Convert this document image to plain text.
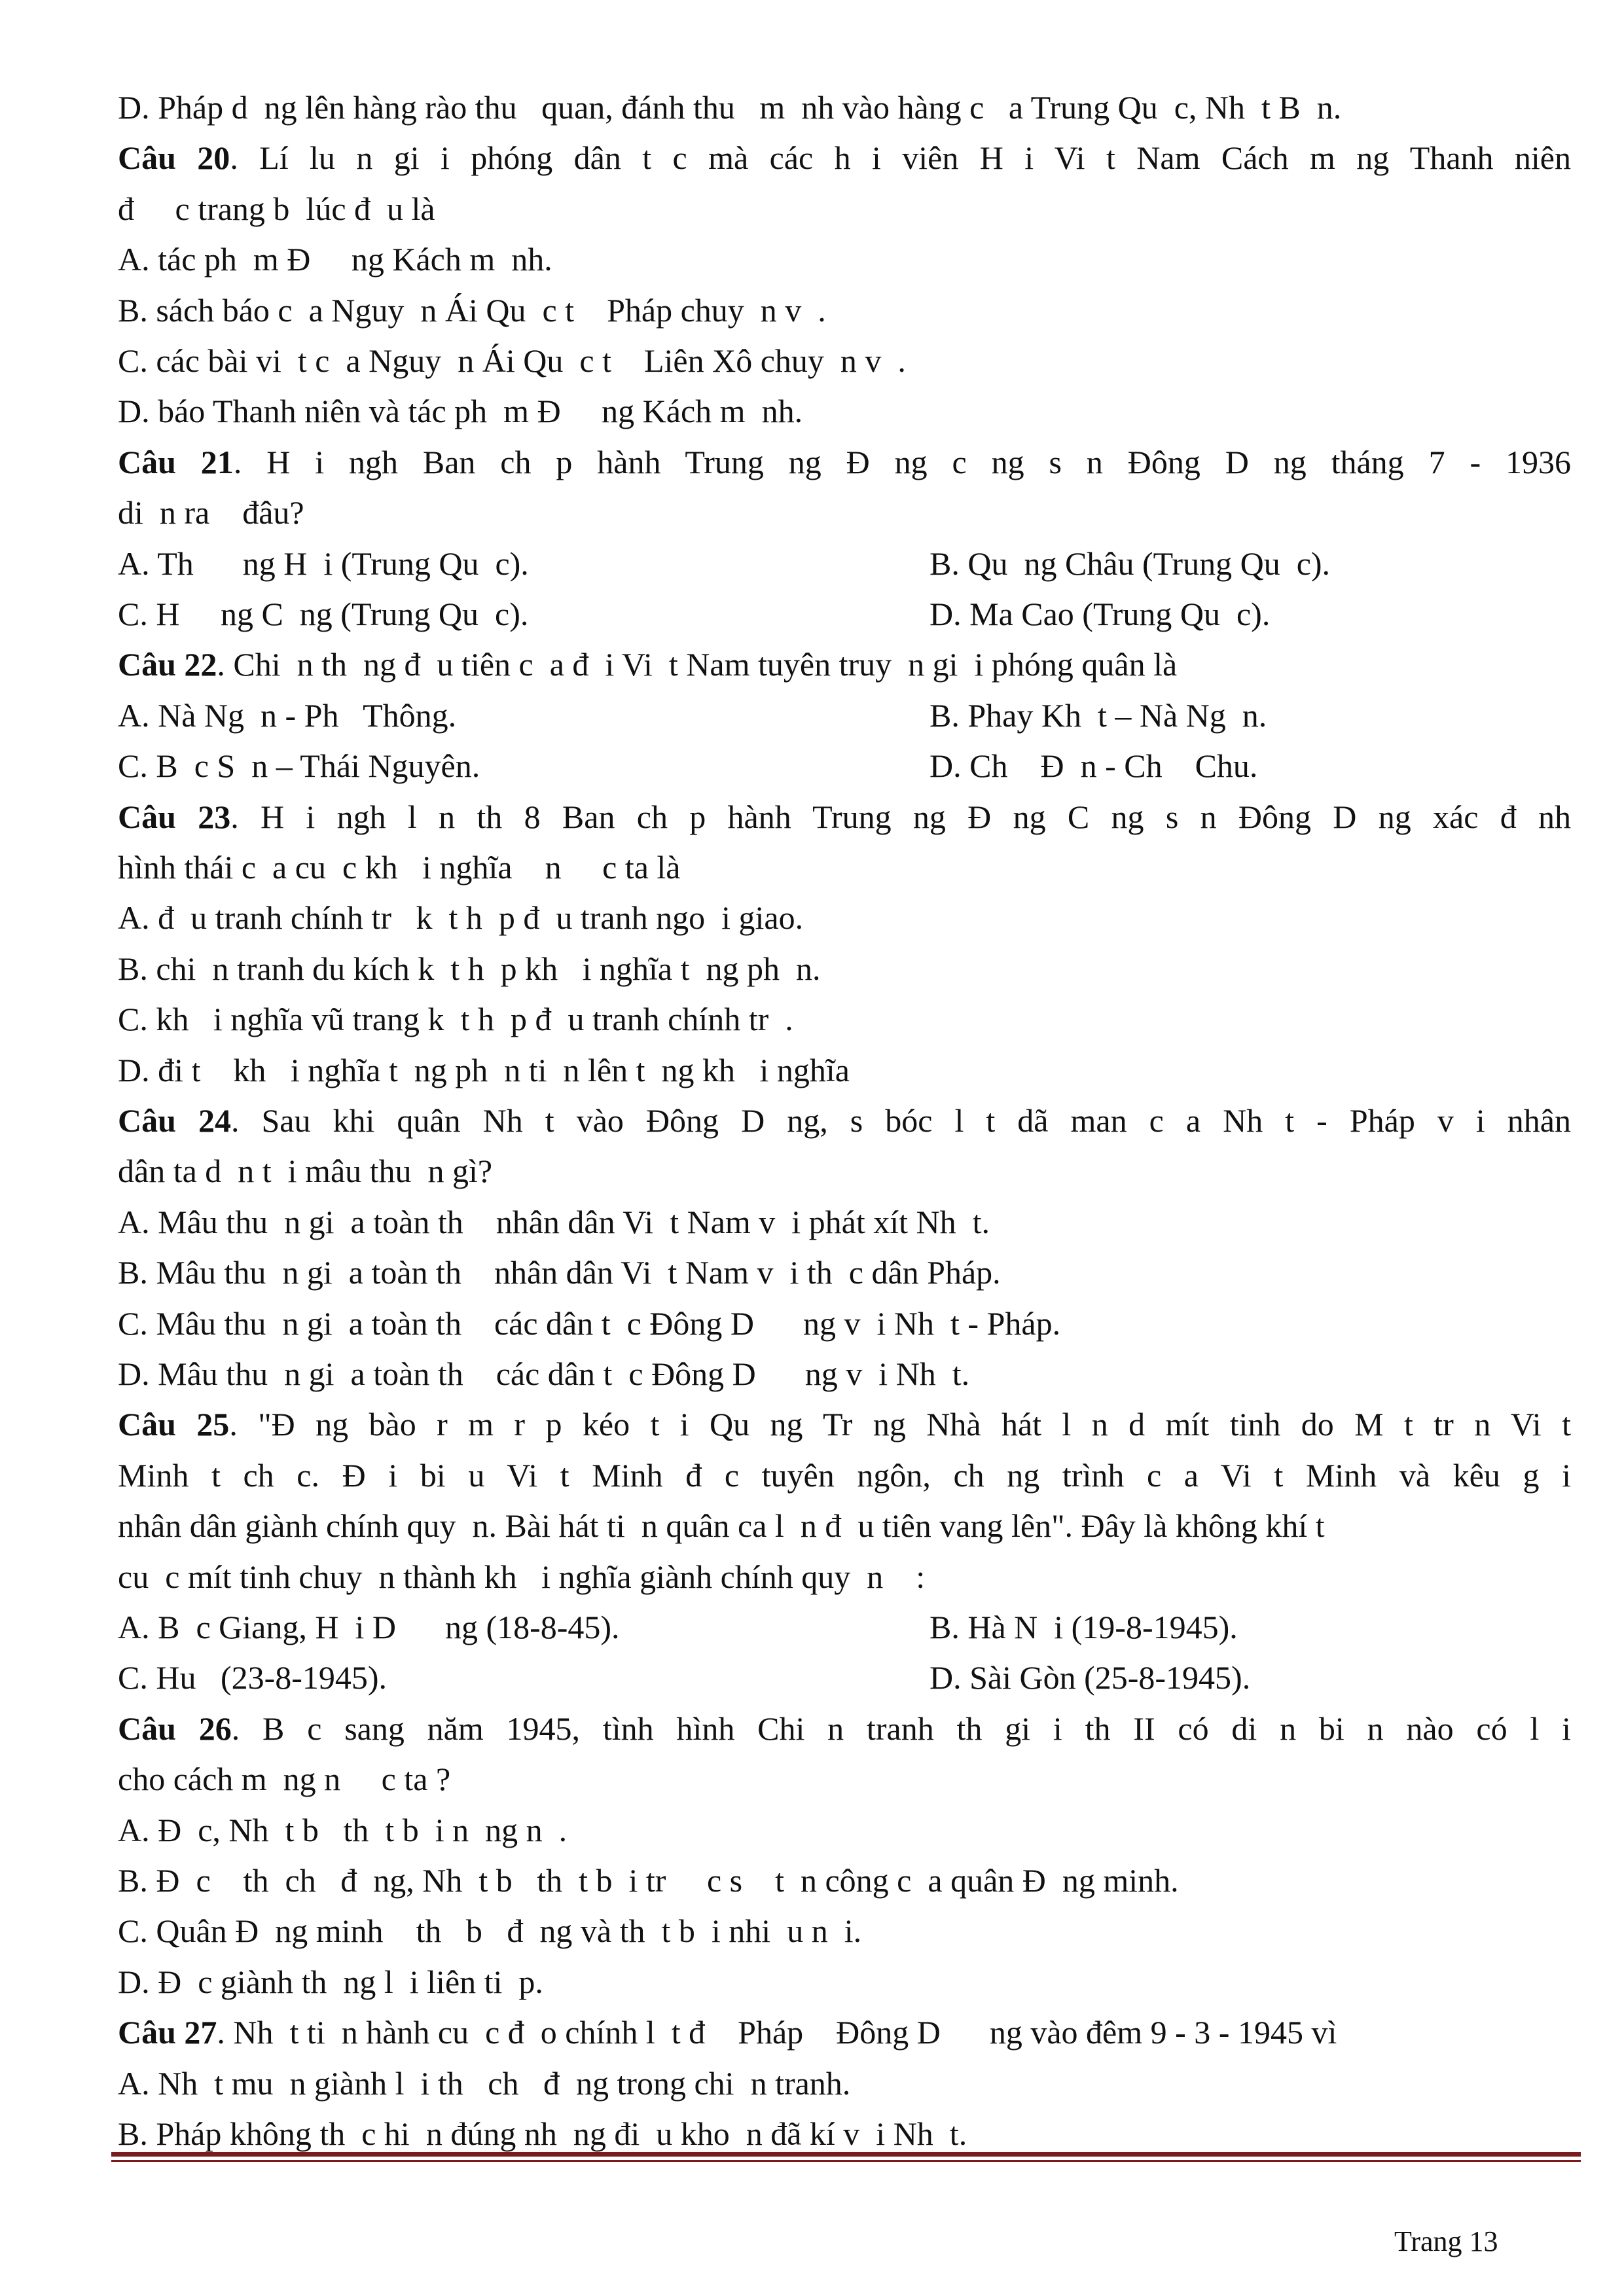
D. Pháp d  ng lên hàng rào thu   quan, đánh thu   m  nh vào hàng c   a Trung Qu  c, Nh  t B  n.
Câu 20. Lí lu n gi i phóng dân t c mà các h i viên H i Vi t Nam Cách m ng Thanh niên
đ     c trang b  lúc đ  u là
A. tác ph  m Đ     ng Kách m  nh.
B. sách báo c  a Nguy  n Ái Qu  c t    Pháp chuy  n v  .
C. các bài vi  t c  a Nguy  n Ái Qu  c t    Liên Xô chuy  n v  .
D. báo Thanh niên và tác ph  m Đ     ng Kách m  nh.
Câu 21. H i ngh Ban ch p hành Trung ng Đ ng c ng s n Đông D ng tháng 7 - 1936
di  n ra    đâu?
A. Th      ng H  i (Trung Qu  c).	B. Qu  ng Châu (Trung Qu  c).
C. H     ng C  ng (Trung Qu  c).	D. Ma Cao (Trung Qu  c).
Câu 22. Chi  n th  ng đ  u tiên c  a đ  i Vi  t Nam tuyên truy  n gi  i phóng quân là
A. Nà Ng  n - Ph   Thông.	B. Phay Kh  t – Nà Ng  n.
C. B  c S  n – Thái Nguyên.	D. Ch    Đ  n - Ch    Chu.
Câu 23. H i ngh l n th 8 Ban ch p hành Trung ng Đ ng C ng s n Đông D ng xác đ nh
hình thái c  a cu  c kh   i nghĩa    n     c ta là
A. đ  u tranh chính tr   k  t h  p đ  u tranh ngo  i giao.
B. chi  n tranh du kích k  t h  p kh   i nghĩa t  ng ph  n.
C. kh   i nghĩa vũ trang k  t h  p đ  u tranh chính tr  .
D. đi t    kh   i nghĩa t  ng ph  n ti  n lên t  ng kh   i nghĩa
Câu 24. Sau khi quân Nh t vào Đông D ng, s bóc l t dã man c a Nh t - Pháp v i nhân
dân ta d  n t  i mâu thu  n gì?
A. Mâu thu  n gi  a toàn th    nhân dân Vi  t Nam v  i phát xít Nh  t.
B. Mâu thu  n gi  a toàn th    nhân dân Vi  t Nam v  i th  c dân Pháp.
C. Mâu thu  n gi  a toàn th    các dân t  c Đông D      ng v  i Nh  t - Pháp.
D. Mâu thu  n gi  a toàn th    các dân t  c Đông D      ng v  i Nh  t.
Câu 25. "Đ ng bào r m r p kéo t i Qu ng Tr ng Nhà hát l n d mít tinh do M t tr n Vi t
Minh t ch c. Đ i bi u Vi t Minh đ c tuyên ngôn, ch ng trình c a Vi t Minh và kêu g i
nhân dân giành chính quy  n. Bài hát ti  n quân ca l  n đ  u tiên vang lên". Đây là không khí t
cu  c mít tinh chuy  n thành kh   i nghĩa giành chính quy  n    :
A. B  c Giang, H  i D      ng (18-8-45).	B. Hà N  i (19-8-1945).
C. Hu   (23-8-1945).	D. Sài Gòn (25-8-1945).
Câu 26. B c sang năm 1945, tình hình Chi n tranh th gi i th II có di n bi n nào có l i
cho cách m  ng n     c ta ?
A. Đ  c, Nh  t b   th  t b  i n  ng n  .
B. Đ  c    th  ch   đ  ng, Nh  t b   th  t b  i tr     c s    t  n công c  a quân Đ  ng minh.
C. Quân Đ  ng minh    th   b   đ  ng và th  t b  i nhi  u n  i.
D. Đ  c giành th  ng l  i liên ti  p.
Câu 27. Nh  t ti  n hành cu  c đ  o chính l  t đ    Pháp    Đông D      ng vào đêm 9 - 3 - 1945 vì
A. Nh  t mu  n giành l  i th   ch   đ  ng trong chi  n tranh.
B. Pháp không th  c hi  n đúng nh  ng đi  u kho  n đã kí v  i Nh  t.
Trang 13
